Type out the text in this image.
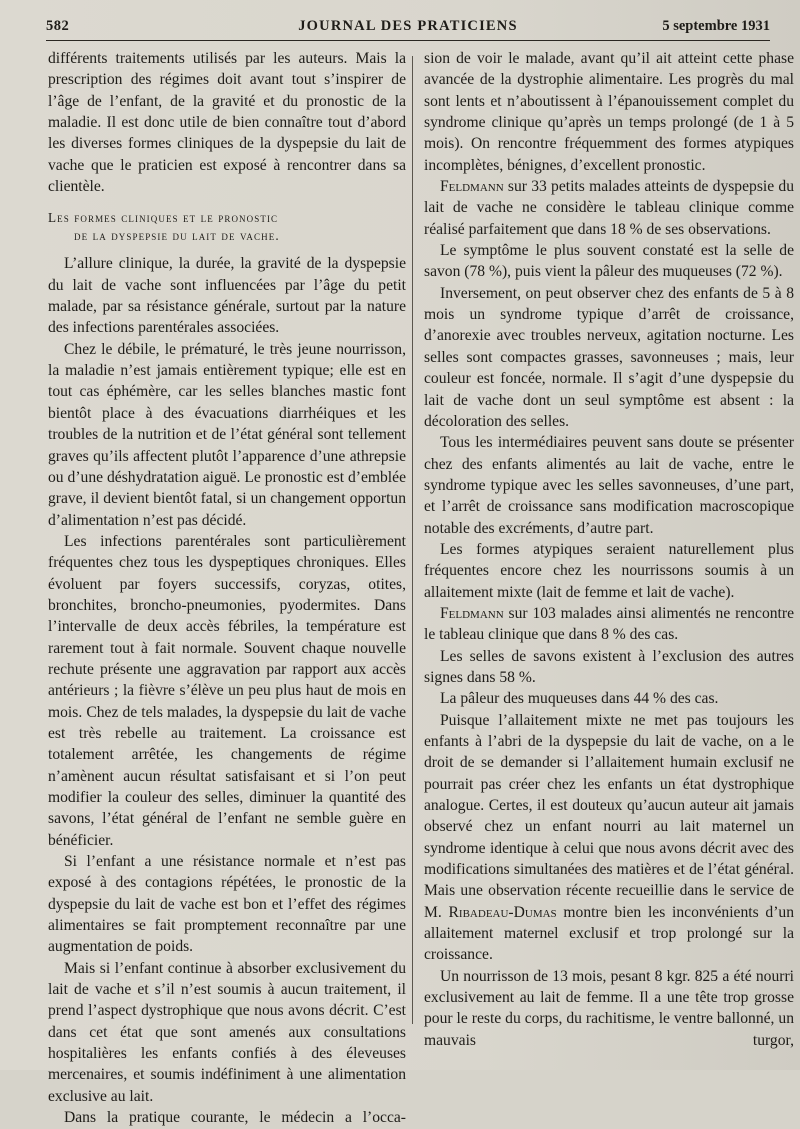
582	JOURNAL DES PRATICIENS	5 septembre 1931

différents traitements utilisés par les auteurs. Mais la prescription des régimes doit avant tout s’inspirer de l’âge de l’enfant, de la gravité et du pronostic de la maladie. Il est donc utile de bien connaître tout d’abord les diverses formes cliniques de la dyspepsie du lait de vache que le praticien est exposé à rencontrer dans sa clientèle.

Les formes cliniques et le pronostic
de la dyspepsie du lait de vache.

L’allure clinique, la durée, la gravité de la dyspepsie du lait de vache sont influencées par l’âge du petit malade, par sa résistance générale, surtout par la nature des infections parentérales associées.

Chez le débile, le prématuré, le très jeune nourrisson, la maladie n’est jamais entièrement typique; elle est en tout cas éphémère, car les selles blanches mastic font bientôt place à des évacuations diarrhéiques et les troubles de la nutrition et de l’état général sont tellement graves qu’ils affectent plutôt l’apparence d’une athrepsie ou d’une déshydratation aiguë. Le pronostic est d’emblée grave, il devient bientôt fatal, si un changement opportun d’alimentation n’est pas décidé.

Les infections parentérales sont particulièrement fréquentes chez tous les dyspeptiques chroniques. Elles évoluent par foyers successifs, coryzas, otites, bronchites, broncho-pneumonies, pyodermites. Dans l’intervalle de deux accès fébriles, la température est rarement tout à fait normale. Souvent chaque nouvelle rechute présente une aggravation par rapport aux accès antérieurs ; la fièvre s’élève un peu plus haut de mois en mois. Chez de tels malades, la dyspepsie du lait de vache est très rebelle au traitement. La croissance est totalement arrêtée, les changements de régime n’amènent aucun résultat satisfaisant et si l’on peut modifier la couleur des selles, diminuer la quantité des savons, l’état général de l’enfant ne semble guère en bénéficier.

Si l’enfant a une résistance normale et n’est pas exposé à des contagions répétées, le pronostic de la dyspepsie du lait de vache est bon et l’effet des régimes alimentaires se fait promptement reconnaître par une augmentation de poids.

Mais si l’enfant continue à absorber exclusivement du lait de vache et s’il n’est soumis à aucun traitement, il prend l’aspect dystrophique que nous avons décrit. C’est dans cet état que sont amenés aux consultations hospitalières les enfants confiés à des éleveuses mercenaires, et soumis indéfiniment à une alimentation exclusive au lait.

Dans la pratique courante, le médecin a l’occa-

sion de voir le malade, avant qu’il ait atteint cette phase avancée de la dystrophie alimentaire. Les progrès du mal sont lents et n’aboutissent à l’épanouissement complet du syndrome clinique qu’après un temps prolongé (de 1 à 5 mois). On rencontre fréquemment des formes atypiques incomplètes, bénignes, d’excellent pronostic.

Feldmann sur 33 petits malades atteints de dyspepsie du lait de vache ne considère le tableau clinique comme réalisé parfaitement que dans 18 % de ses observations.

Le symptôme le plus souvent constaté est la selle de savon (78 %), puis vient la pâleur des muqueuses (72 %).

Inversement, on peut observer chez des enfants de 5 à 8 mois un syndrome typique d’arrêt de croissance, d’anorexie avec troubles nerveux, agitation nocturne. Les selles sont compactes grasses, savonneuses ; mais, leur couleur est foncée, normale. Il s’agit d’une dyspepsie du lait de vache dont un seul symptôme est absent : la décoloration des selles.

Tous les intermédiaires peuvent sans doute se présenter chez des enfants alimentés au lait de vache, entre le syndrome typique avec les selles savonneuses, d’une part, et l’arrêt de croissance sans modification macroscopique notable des excréments, d’autre part.

Les formes atypiques seraient naturellement plus fréquentes encore chez les nourrissons soumis à un allaitement mixte (lait de femme et lait de vache).

Feldmann sur 103 malades ainsi alimentés ne rencontre le tableau clinique que dans 8 % des cas.

Les selles de savons existent à l’exclusion des autres signes dans 58 %.

La pâleur des muqueuses dans 44 % des cas.

Puisque l’allaitement mixte ne met pas toujours les enfants à l’abri de la dyspepsie du lait de vache, on a le droit de se demander si l’allaitement humain exclusif ne pourrait pas créer chez les enfants un état dystrophique analogue. Certes, il est douteux qu’aucun auteur ait jamais observé chez un enfant nourri au lait maternel un syndrome identique à celui que nous avons décrit avec des modifications simultanées des matières et de l’état général. Mais une observation récente recueillie dans le service de M. Ribadeau-Dumas montre bien les inconvénients d’un allaitement maternel exclusif et trop prolongé sur la croissance.

Un nourrisson de 13 mois, pesant 8 kgr. 825 a été nourri exclusivement au lait de femme. Il a une tête trop grosse pour le reste du corps, du rachitisme, le ventre ballonné, un mauvais turgor,
